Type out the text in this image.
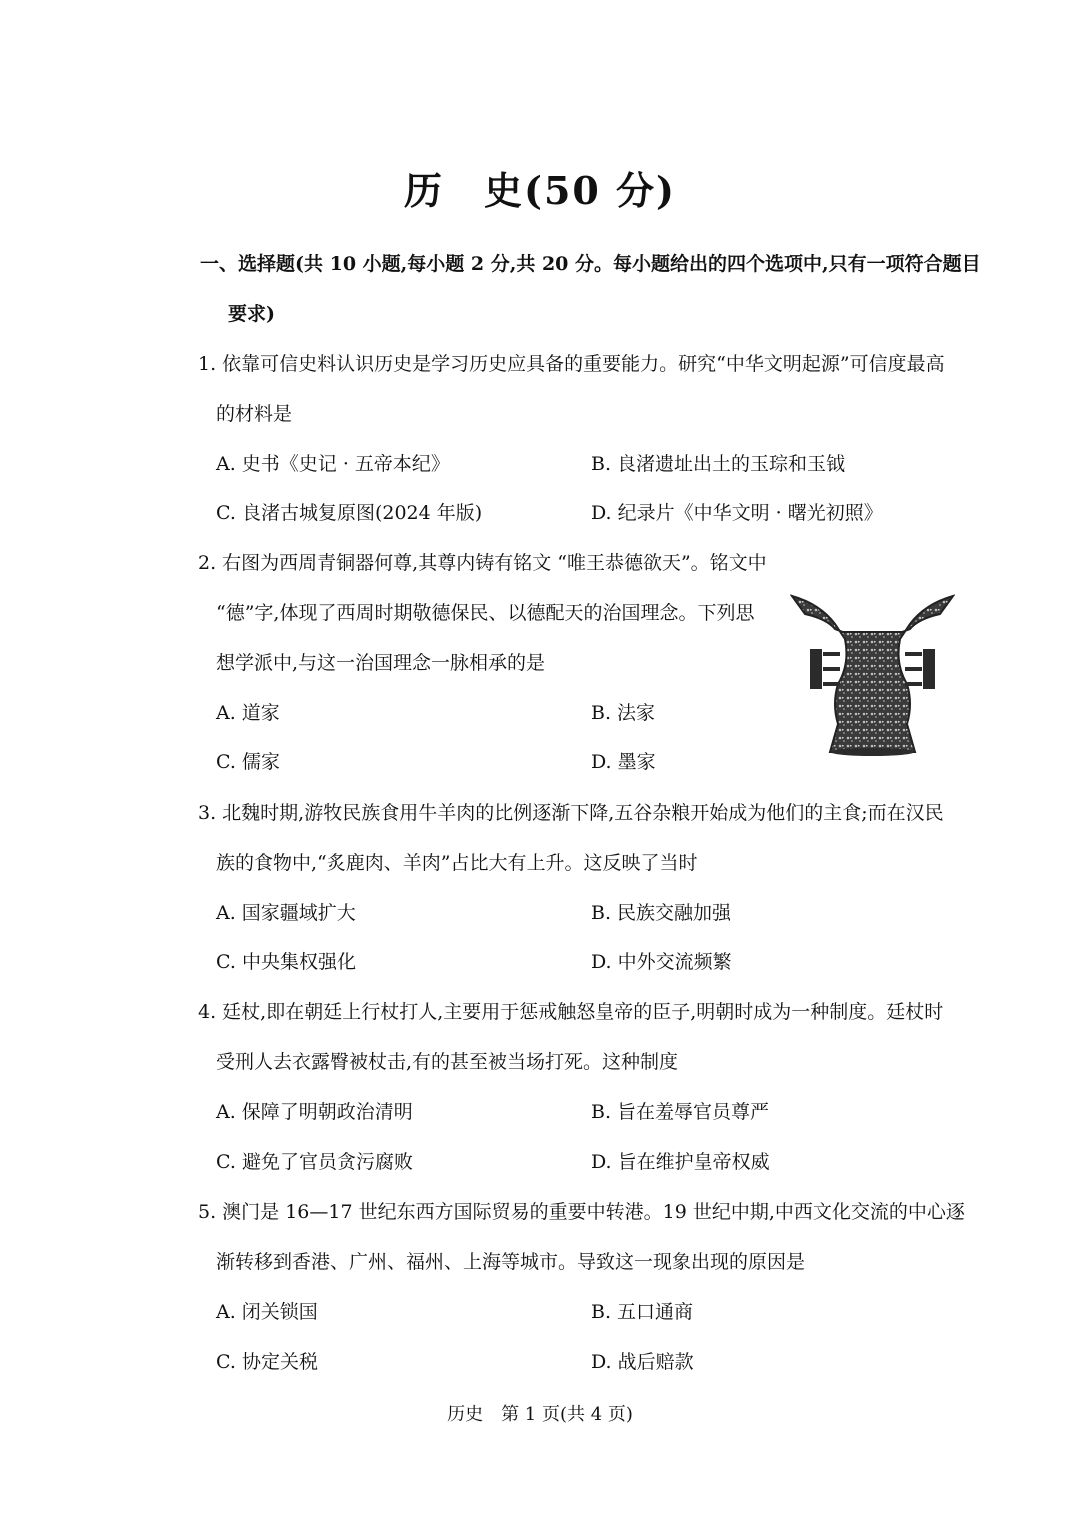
历 史(50 分)
一、选择题(共 10 小题,每小题 2 分,共 20 分。每小题给出的四个选项中,只有一项符合题目
要求)
1. 依靠可信史料认识历史是学习历史应具备的重要能力。研究“中华文明起源”可信度最高
的材料是
A. 史书《史记 · 五帝本纪》	B. 良渚遗址出土的玉琮和玉钺
C. 良渚古城复原图(2024 年版)	D. 纪录片《中华文明 · 曙光初照》
2. 右图为西周青铜器何尊,其尊内铸有铭文 “唯王恭德欲天”。铭文中
“德”字,体现了西周时期敬德保民、以德配天的治国理念。下列思
想学派中,与这一治国理念一脉相承的是
A. 道家	B. 法家
C. 儒家	D. 墨家
3. 北魏时期,游牧民族食用牛羊肉的比例逐渐下降,五谷杂粮开始成为他们的主食;而在汉民
族的食物中,“炙鹿肉、羊肉”占比大有上升。这反映了当时
A. 国家疆域扩大	B. 民族交融加强
C. 中央集权强化	D. 中外交流频繁
4. 廷杖,即在朝廷上行杖打人,主要用于惩戒触怒皇帝的臣子,明朝时成为一种制度。廷杖时
受刑人去衣露臀被杖击,有的甚至被当场打死。这种制度
A. 保障了明朝政治清明	B. 旨在羞辱官员尊严
C. 避免了官员贪污腐败	D. 旨在维护皇帝权威
5. 澳门是 16—17 世纪东西方国际贸易的重要中转港。19 世纪中期,中西文化交流的中心逐
渐转移到香港、广州、福州、上海等城市。导致这一现象出现的原因是
A. 闭关锁国	B. 五口通商
C. 协定关税	D. 战后赔款
历史　第 1 页(共 4 页)
